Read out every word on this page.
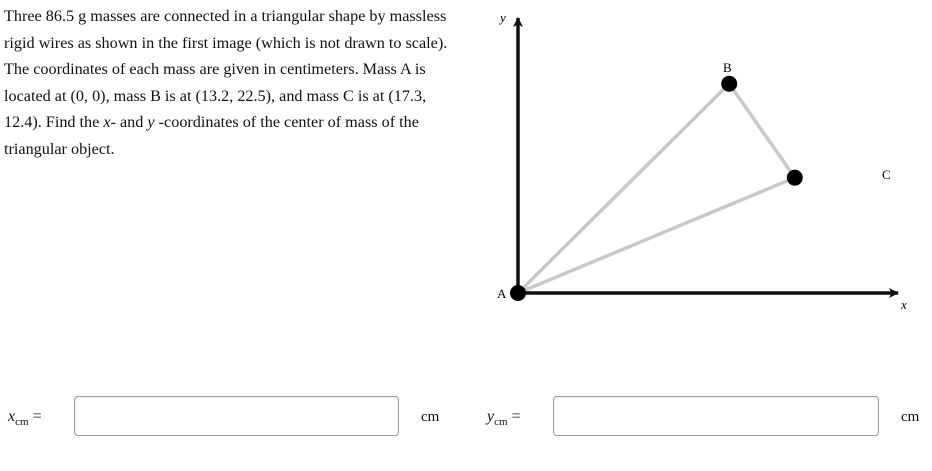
Three 86.5 g masses are connected in a triangular shape by massless rigid wires as shown in the first image (which is not drawn to scale). The coordinates of each mass are given in centimeters. Mass A is located at (0, 0), mass B is at (13.2, 22.5), and mass C is at (17.3, 12.4). Find the x- and y -coordinates of the center of mass of the triangular object.

y
x
A
B
C
$x_{cm}$ =	cm	$y_{cm}$ =	cm
